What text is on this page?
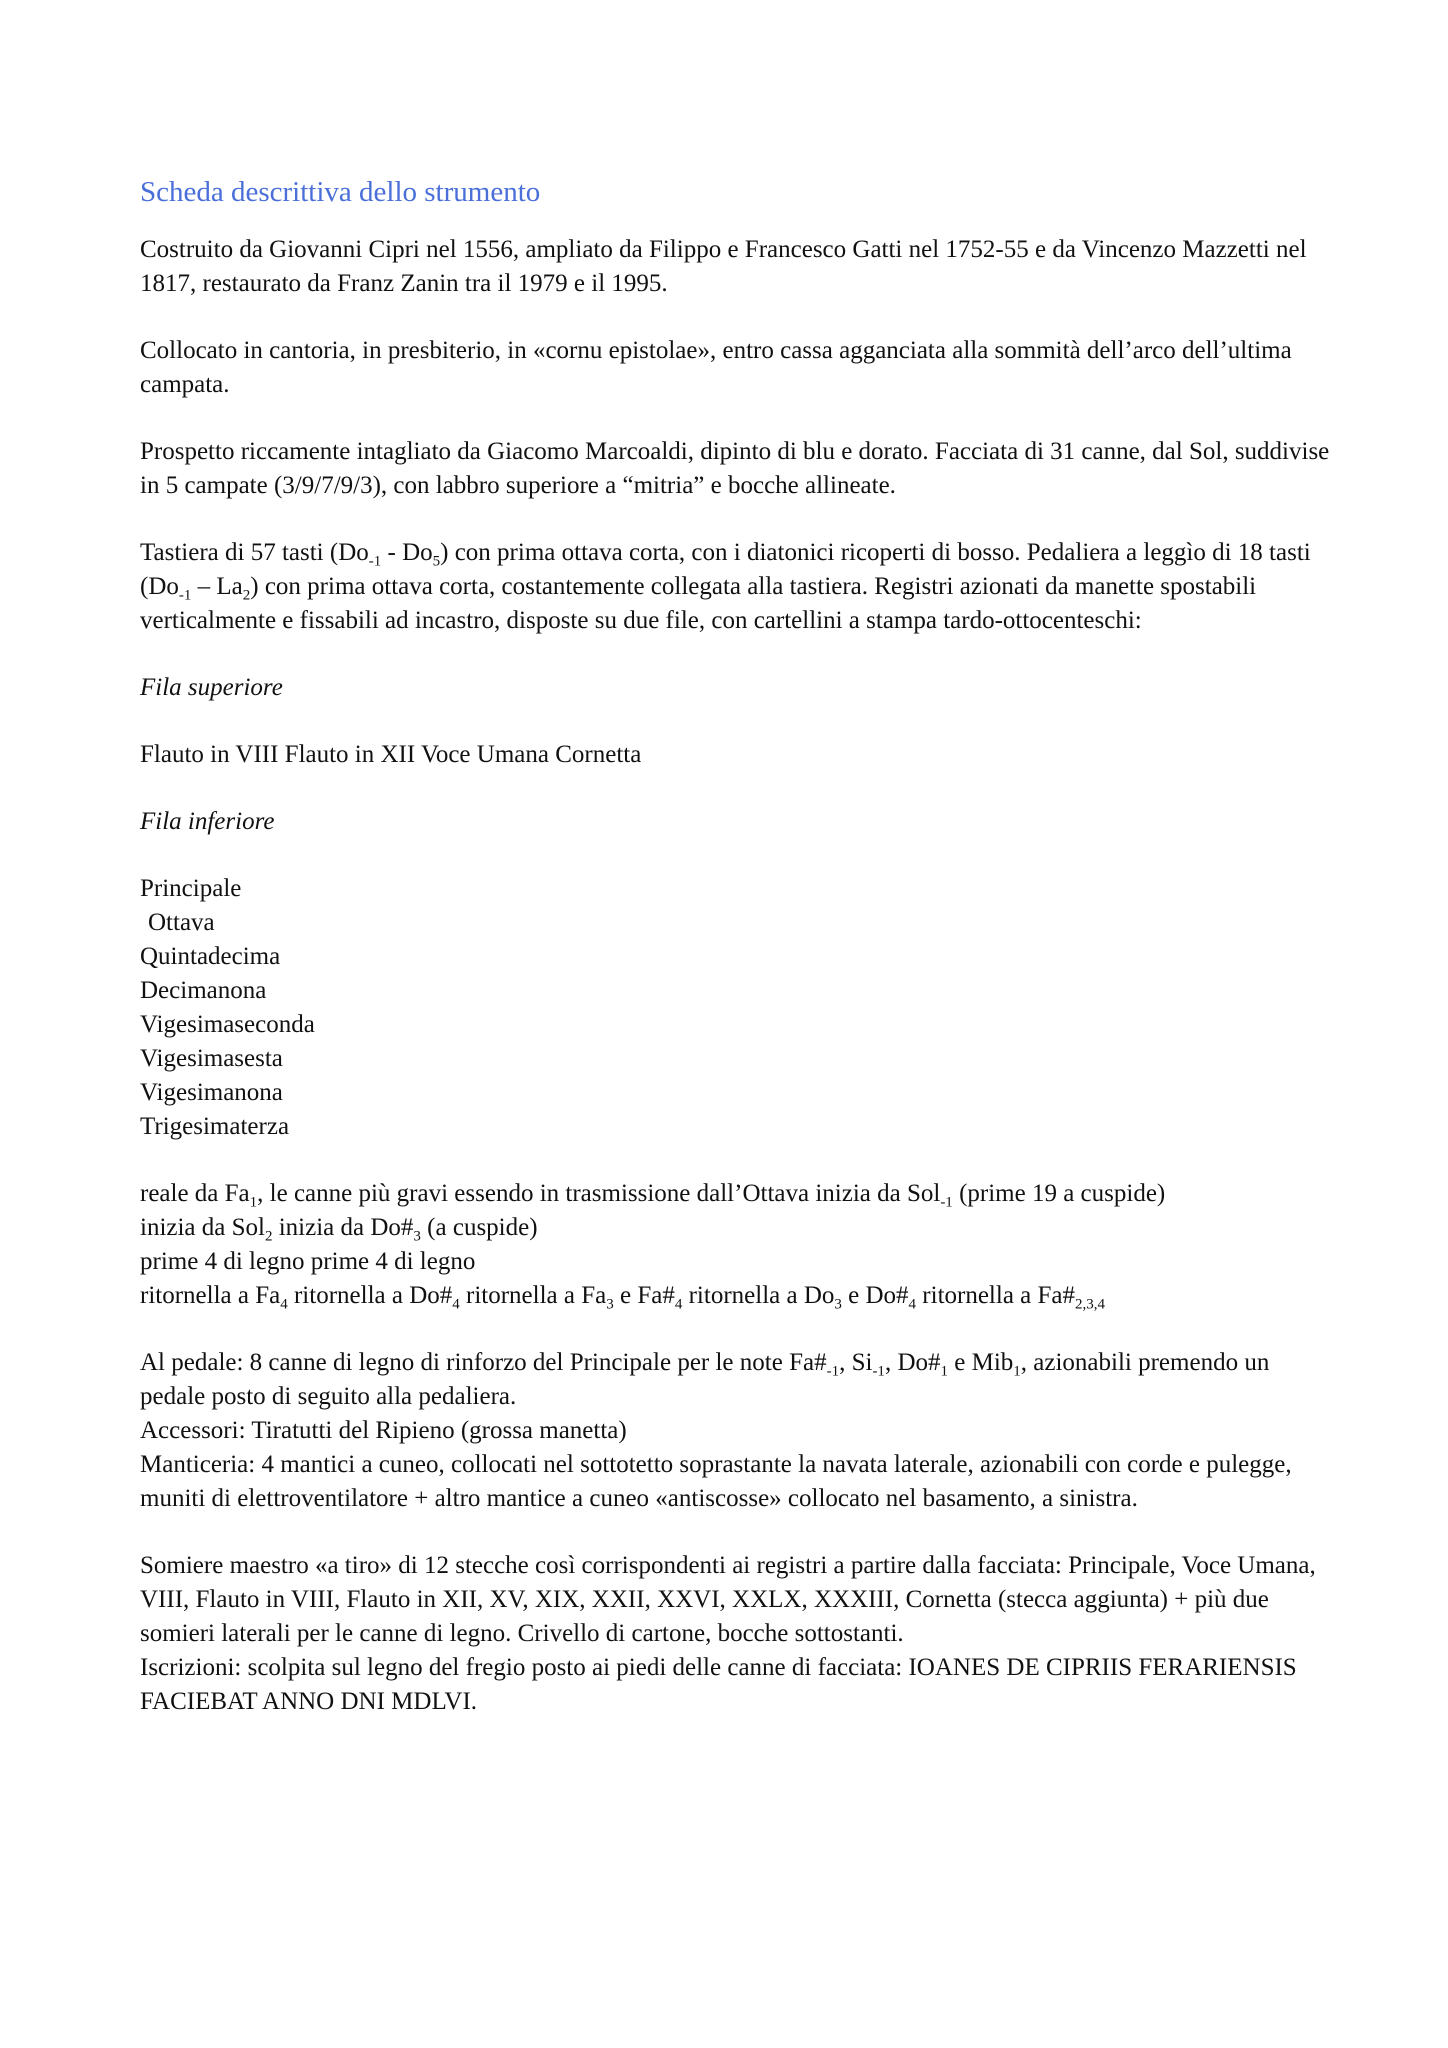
Scheda descrittiva dello strumento

Costruito da Giovanni Cipri nel 1556, ampliato da Filippo e Francesco Gatti nel 1752-55 e da Vincenzo Mazzetti nel 1817, restaurato da Franz Zanin tra il 1979 e il 1995.

Collocato in cantoria, in presbiterio, in «cornu epistolae», entro cassa agganciata alla sommità dell’arco dell’ultima campata.

Prospetto riccamente intagliato da Giacomo Marcoaldi, dipinto di blu e dorato. Facciata di 31 canne, dal Sol, suddivise in 5 campate (3/9/7/9/3), con labbro superiore a “mitria” e bocche allineate.

Tastiera di 57 tasti $(Do_{-1} - Do_5)$ con prima ottava corta, con i diatonici ricoperti di bosso. Pedaliera a leggìo di 18 tasti $(Do_{-1} - La_2)$ con prima ottava corta, costantemente collegata alla tastiera. Registri azionati da manette spostabili verticalmente e fissabili ad incastro, disposte su due file, con cartellini a stampa tardo-ottocenteschi:

Fila superiore

Flauto in VIII Flauto in XII Voce Umana Cornetta

Fila inferiore

Principale
Ottava
Quintadecima
Decimanona
Vigesimaseconda
Vigesimasesta
Vigesimanona
Trigesimaterza
reale da $Fa_1$, le canne più gravi essendo in trasmissione dall’Ottava inizia da Sol$_{-1}$ (prime 19 a cuspide)
inizia da Sol$_2$ inizia da $Do\#_3$ (a cuspide)
prime 4 di legno prime 4 di legno
ritornella a $Fa_4$ ritornella a $Do\#_4$ ritornella a $Fa_3$ e $Fa\#_4$ ritornella a $Do_3$ e $Do\#_4$ ritornella a $Fa\#_{2,3,4}$

Al pedale: 8 canne di legno di rinforzo del Principale per le note $Fa\#_{-1}$, $Si_{-1}$, $Do\#_1$ e Mib$_1$, azionabili premendo un pedale posto di seguito alla pedaliera.

Accessori: Tiratutti del Ripieno (grossa manetta)

Manticeria: 4 mantici a cuneo, collocati nel sottotetto soprastante la navata laterale, azionabili con corde e pulegge, muniti di elettroventilatore + altro mantice a cuneo «antiscosse» collocato nel basamento, a sinistra.

Somiere maestro «a tiro» di 12 stecche così corrispondenti ai registri a partire dalla facciata: Principale, Voce Umana, VIII, Flauto in VIII, Flauto in XII, XV, XIX, XXII, XXVI, XXLX, XXXIII, Cornetta (stecca aggiunta) + più due somieri laterali per le canne di legno. Crivello di cartone, bocche sottostanti.

Iscrizioni: scolpita sul legno del fregio posto ai piedi delle canne di facciata: IOANES DE CIPRIIS FERARIENSIS FACIEBAT ANNO DNI MDLVI.
